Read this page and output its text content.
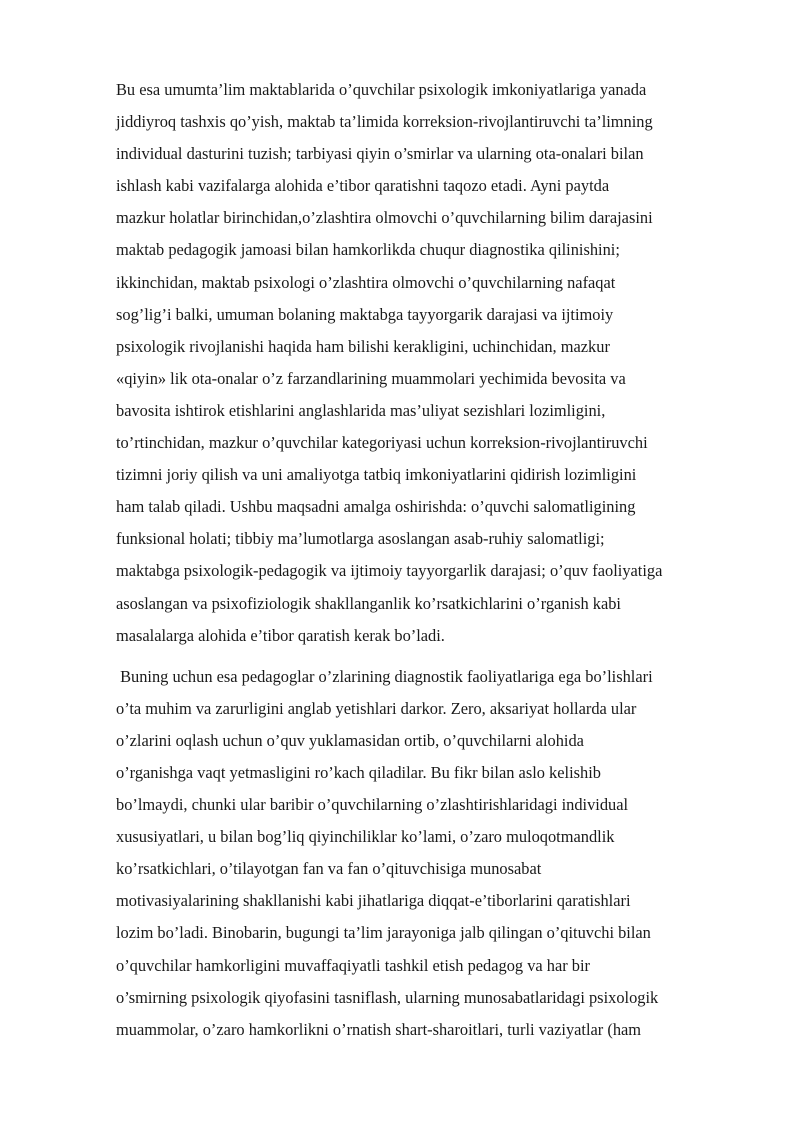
Bu esa umumta’lim maktablarida o’quvchilar psixologik imkoniyatlariga yanada
jiddiyroq tashxis qo’yish, maktab ta’limida korreksion-rivojlantiruvchi ta’limning
individual dasturini tuzish; tarbiyasi qiyin o’smirlar va ularning ota-onalari bilan
ishlash kabi vazifalarga alohida e’tibor qaratishni taqozo etadi. Ayni paytda
mazkur holatlar birinchidan,o’zlashtira olmovchi o’quvchilarning bilim darajasini
maktab pedagogik jamoasi bilan hamkorlikda chuqur diagnostika qilinishini;
ikkinchidan, maktab psixologi o’zlashtira olmovchi o’quvchilarning nafaqat
sog’lig’i balki, umuman bolaning maktabga tayyorgarik darajasi va ijtimoiy
psixologik rivojlanishi haqida ham bilishi kerakligini, uchinchidan, mazkur
«qiyin» lik ota-onalar o’z farzandlarining muammolari yechimida bevosita va
bavosita ishtirok etishlarini anglashlarida mas’uliyat sezishlari lozimligini,
to’rtinchidan, mazkur o’quvchilar kategoriyasi uchun korreksion-rivojlantiruvchi
tizimni joriy qilish va uni amaliyotga tatbiq imkoniyatlarini qidirish lozimligini
ham talab qiladi. Ushbu maqsadni amalga oshirishda: o’quvchi salomatligining
funksional holati; tibbiy ma’lumotlarga asoslangan asab-ruhiy salomatligi;
maktabga psixologik-pedagogik va ijtimoiy tayyorgarlik darajasi; o’quv faoliyatiga
asoslangan va psixofiziologik shakllanganlik ko’rsatkichlarini o’rganish kabi
masalalarga alohida e’tibor qaratish kerak bo’ladi.

Buning uchun esa pedagoglar o’zlarining diagnostik faoliyatlariga ega bo’lishlari
o’ta muhim va zarurligini anglab yetishlari darkor. Zero, aksariyat hollarda ular
o’zlarini oqlash uchun o’quv yuklamasidan ortib, o’quvchilarni alohida
o’rganishga vaqt yetmasligini ro’kach qiladilar. Bu fikr bilan aslo kelishib
bo’lmaydi, chunki ular baribir o’quvchilarning o’zlashtirishlaridagi individual
xususiyatlari, u bilan bog’liq qiyinchiliklar ko’lami, o’zaro muloqotmandlik
ko’rsatkichlari, o’tilayotgan fan va fan o’qituvchisiga munosabat
motivasiyalarining shakllanishi kabi jihatlariga diqqat-e’tiborlarini qaratishlari
lozim bo’ladi. Binobarin, bugungi ta’lim jarayoniga jalb qilingan o’qituvchi bilan
o’quvchilar hamkorligini muvaffaqiyatli tashkil etish pedagog va har bir
o’smirning psixologik qiyofasini tasniflash, ularning munosabatlaridagi psixologik
muammolar, o’zaro hamkorlikni o’rnatish shart-sharoitlari, turli vaziyatlar (ham
